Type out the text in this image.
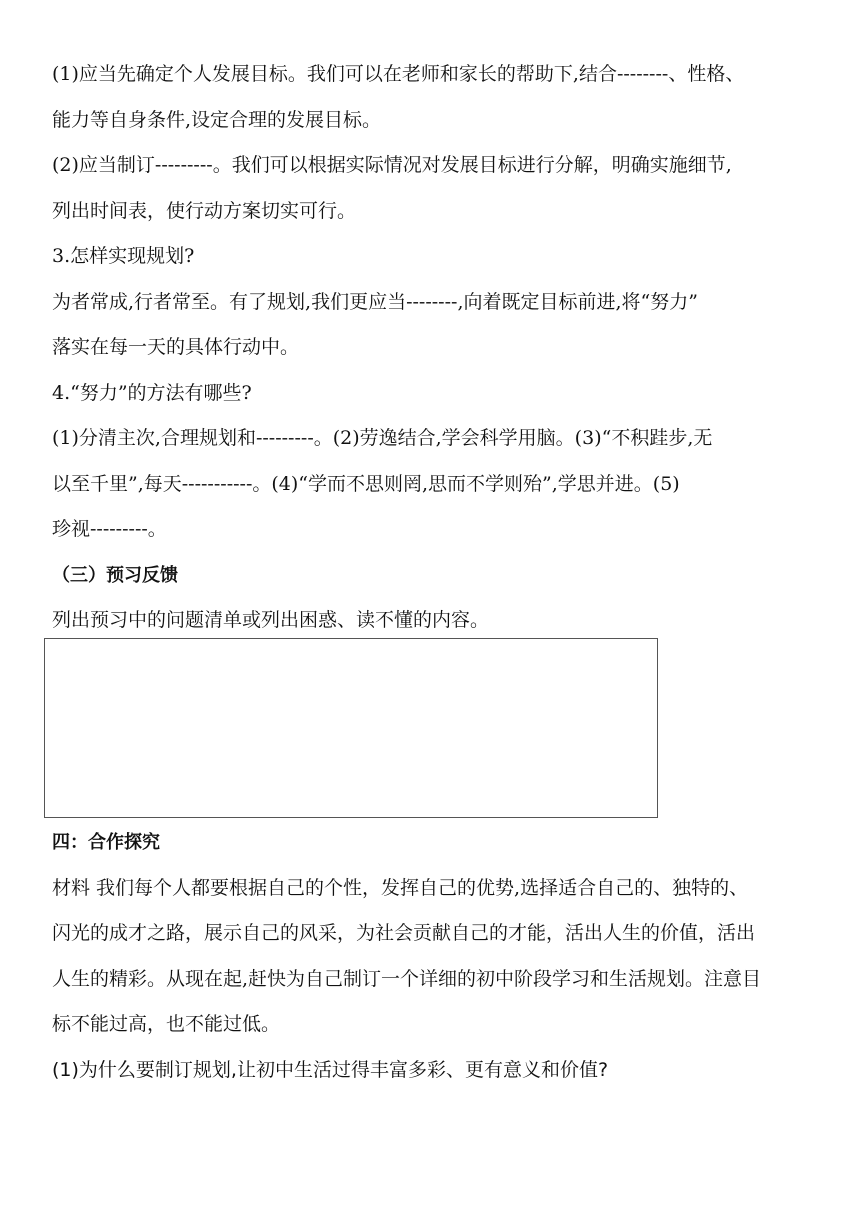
(1)应当先确定个人发展目标。我们可以在老师和家长的帮助下,结合--------、性格、

能力等自身条件,设定合理的发展目标。

(2)应当制订---------。我们可以根据实际情况对发展目标进行分解，明确实施细节,

列出时间表，使行动方案切实可行。

3.怎样实现规划?

为者常成,行者常至。有了规划,我们更应当--------,向着既定目标前进,将“努力”

落实在每一天的具体行动中。

4.“努力”的方法有哪些?

(1)分清主次,合理规划和---------。(2)劳逸结合,学会科学用脑。(3)“不积跬步,无

以至千里”,每天-----------。(4)“学而不思则罔,思而不学则殆”,学思并进。(5)

珍视---------。

（三）预习反馈

列出预习中的问题清单或列出困惑、读不懂的内容。

四：合作探究

材料 我们每个人都要根据自己的个性，发挥自己的优势,选择适合自己的、独特的、

闪光的成才之路，展示自己的风采，为社会贡献自己的才能，活出人生的价值，活出

人生的精彩。从现在起,赶快为自己制订一个详细的初中阶段学习和生活规划。注意目

标不能过高，也不能过低。

(1)为什么要制订规划,让初中生活过得丰富多彩、更有意义和价值?
